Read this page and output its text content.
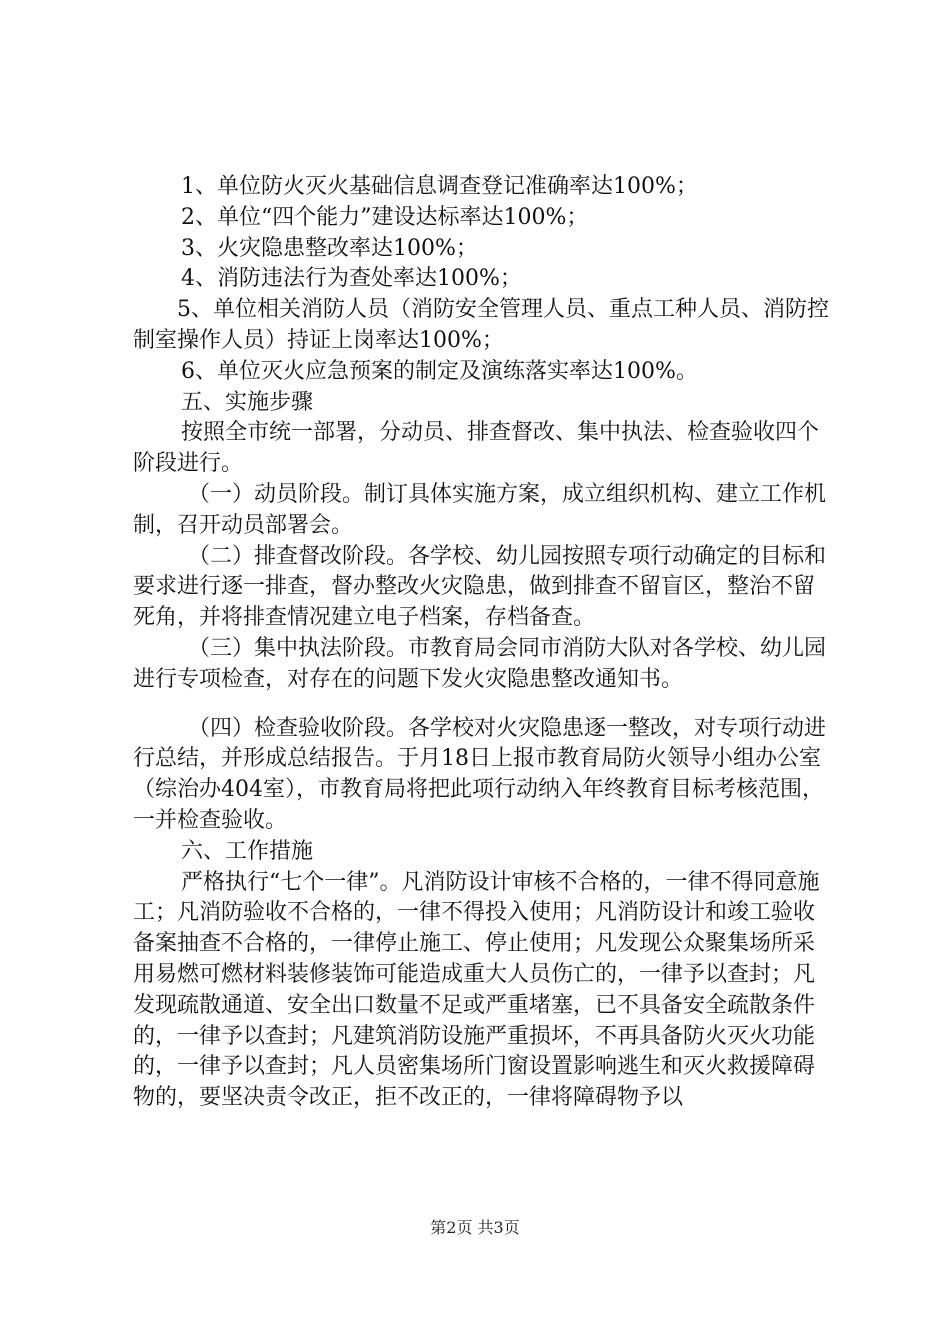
1、单位防火灭火基础信息调查登记准确率达100%；

2、单位“四个能力”建设达标率达100%；

3、火灾隐患整改率达100%；

4、消防违法行为查处率达100%；

5、单位相关消防人员（消防安全管理人员、重点工种人员、消防控制室操作人员）持证上岗率达100%；

6、单位灭火应急预案的制定及演练落实率达100%。

五、实施步骤

按照全市统一部署，分动员、排查督改、集中执法、检查验收四个阶段进行。

（一）动员阶段。制订具体实施方案，成立组织机构、建立工作机制，召开动员部署会。

（二）排查督改阶段。各学校、幼儿园按照专项行动确定的目标和要求进行逐一排查，督办整改火灾隐患，做到排查不留盲区，整治不留死角，并将排查情况建立电子档案，存档备查。

（三）集中执法阶段。市教育局会同市消防大队对各学校、幼儿园进行专项检查，对存在的问题下发火灾隐患整改通知书。

（四）检查验收阶段。各学校对火灾隐患逐一整改，对专项行动进行总结，并形成总结报告。于月18日上报市教育局防火领导小组办公室（综治办404室），市教育局将把此项行动纳入年终教育目标考核范围，一并检查验收。

六、工作措施

严格执行“七个一律”。凡消防设计审核不合格的，一律不得同意施工；凡消防验收不合格的，一律不得投入使用；凡消防设计和竣工验收备案抽查不合格的，一律停止施工、停止使用；凡发现公众聚集场所采用易燃可燃材料装修装饰可能造成重大人员伤亡的，一律予以查封；凡发现疏散通道、安全出口数量不足或严重堵塞，已不具备安全疏散条件的，一律予以查封；凡建筑消防设施严重损坏，不再具备防火灭火功能的，一律予以查封；凡人员密集场所门窗设置影响逃生和灭火救援障碍物的，要坚决责令改正，拒不改正的，一律将障碍物予以

第2页 共3页
